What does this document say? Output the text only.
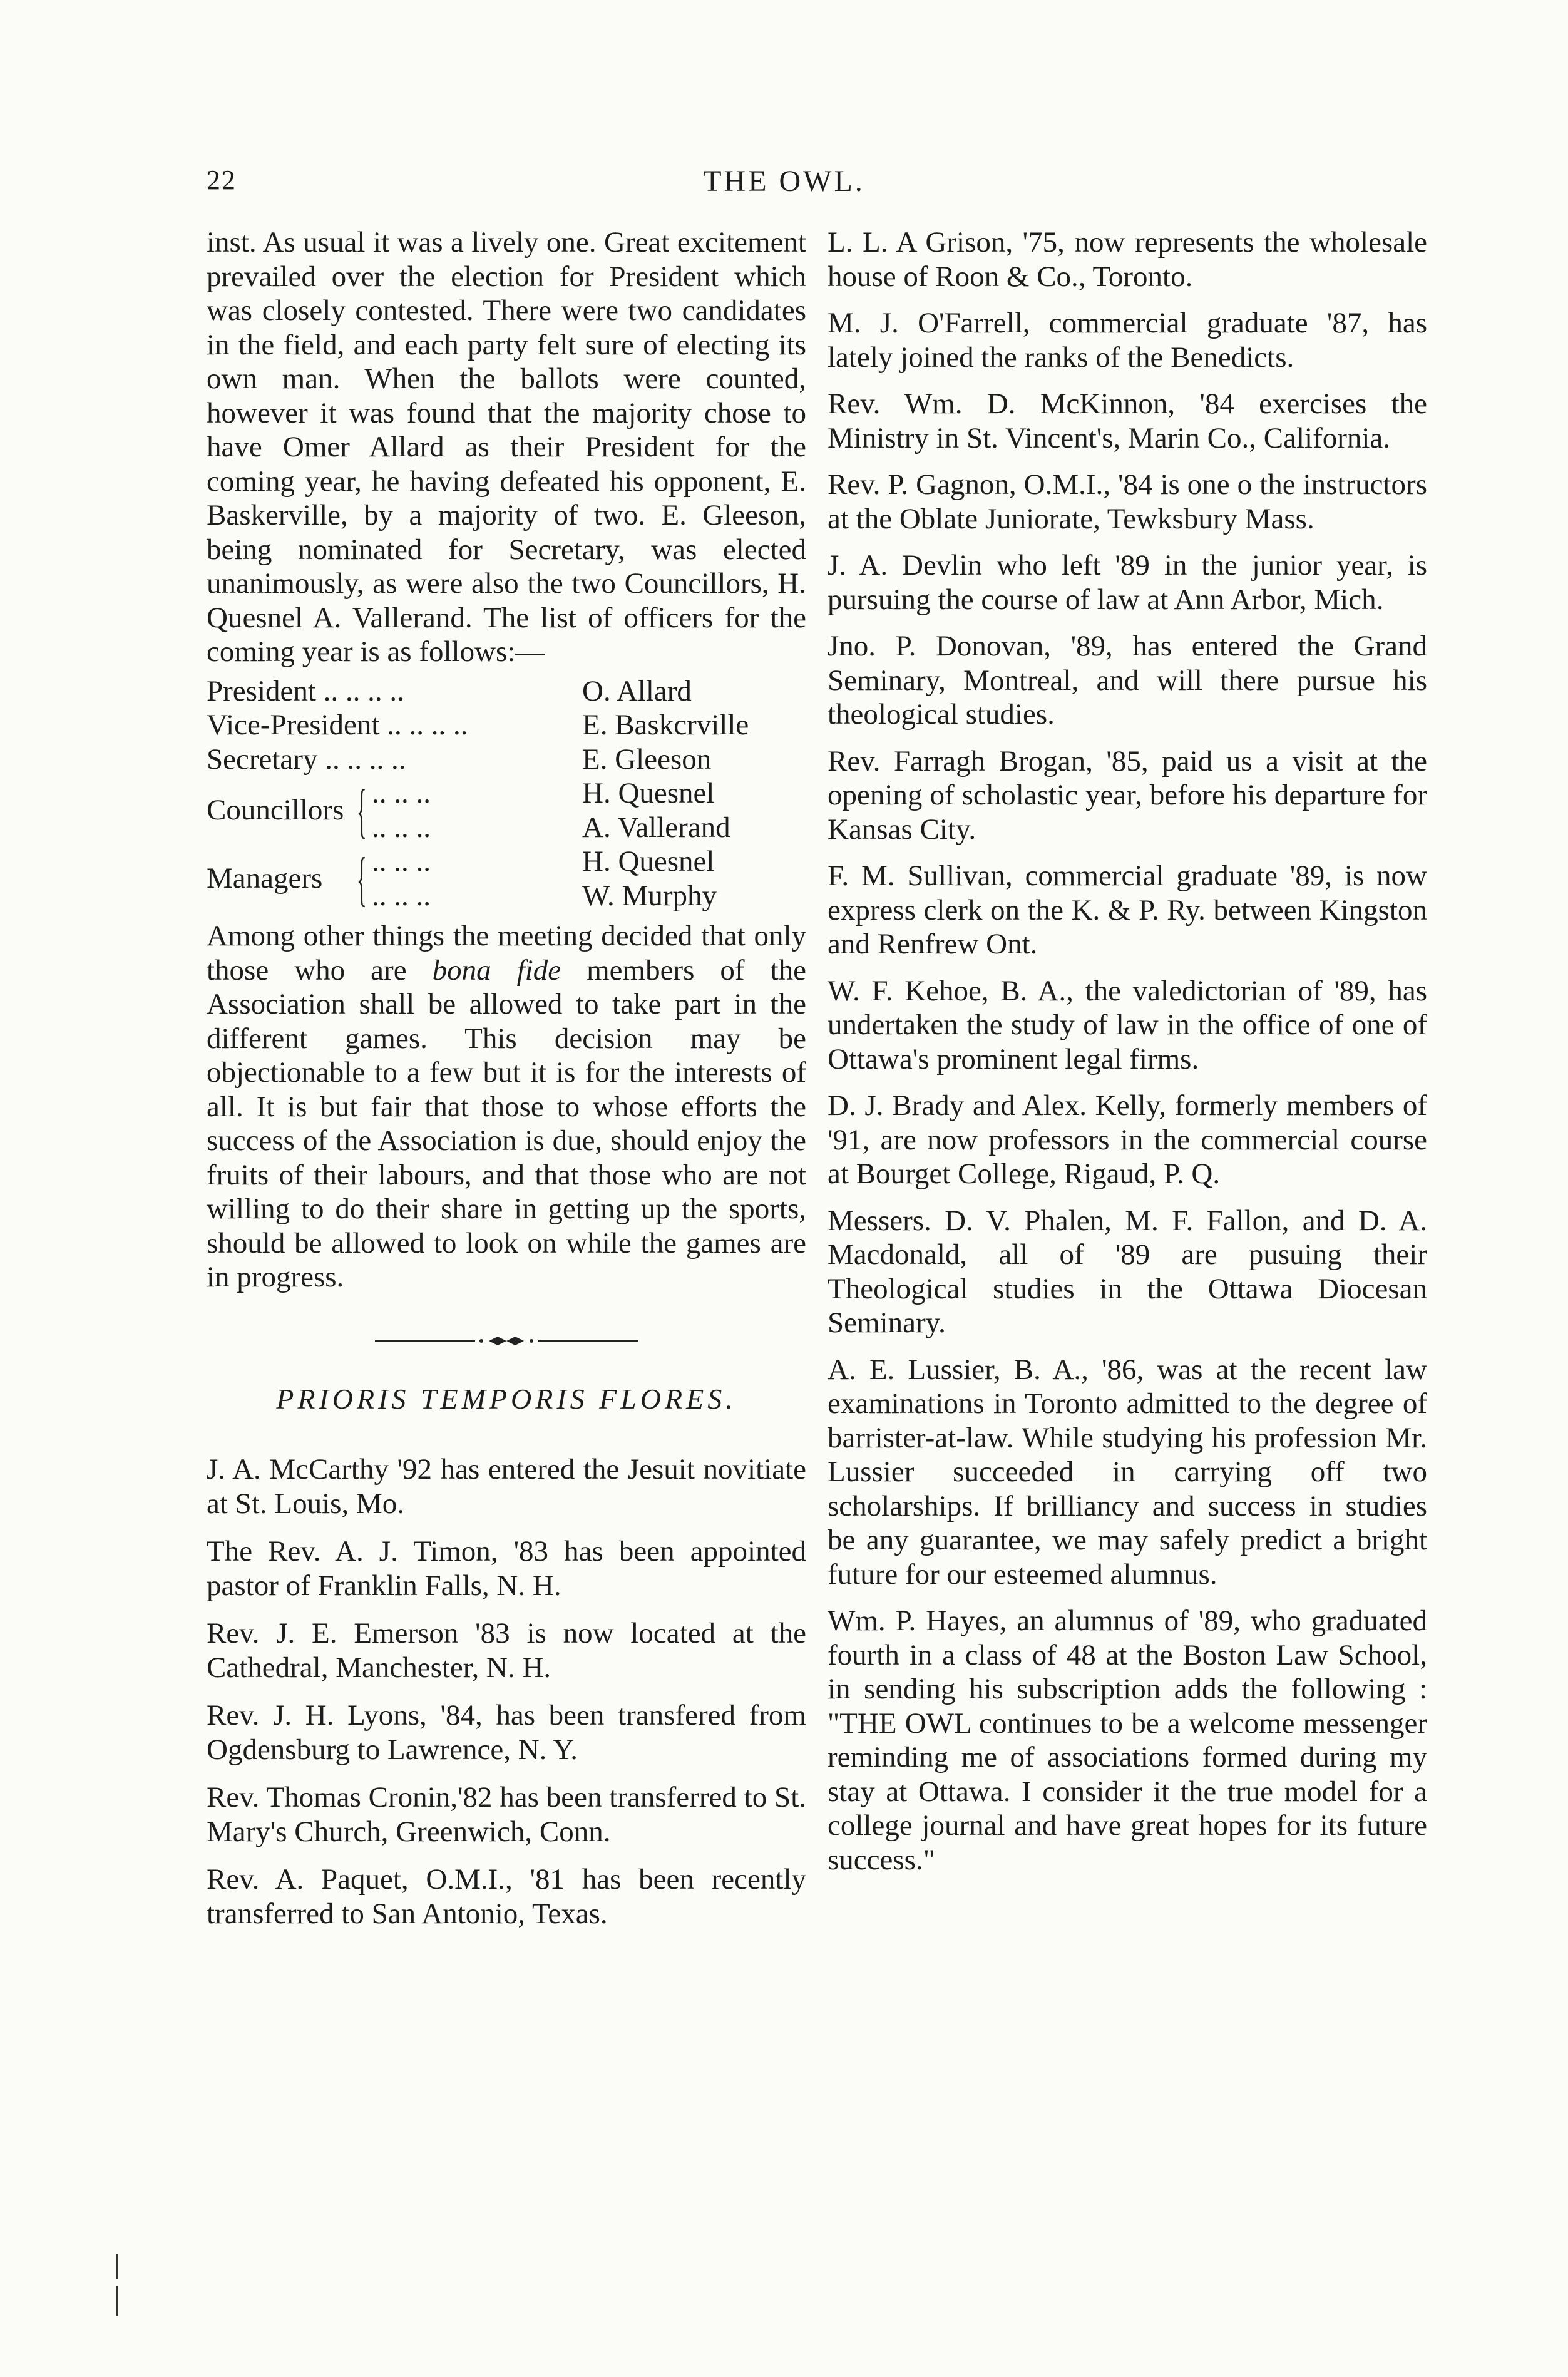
22	THE OWL.

inst. As usual it was a lively one. Great excitement prevailed over the election for President which was closely contested. There were two candidates in the field, and each party felt sure of electing its own man. When the ballots were counted, however it was found that the majority chose to have Omer Allard as their President for the coming year, he having defeated his opponent, E. Baskerville, by a majority of two. E. Gleeson, being nominated for Secretary, was elected unanimously, as were also the two Councillors, H. Quesnel A. Vallerand. The list of officers for the coming year is as follows:—

President .. .. .. ..	O. Allard
Vice-President .. .. .. ..	E. Baskcrville
Secretary .. .. .. ..	E. Gleeson
Councillors { .. .. ..	H. Quesnel
.. .. ..	A. Vallerand
Managers { .. .. ..	H. Quesnel
.. .. ..	W. Murphy

Among other things the meeting decided that only those who are bona fide members of the Association shall be allowed to take part in the different games. This decision may be objectionable to a few but it is for the interests of all. It is but fair that those to whose efforts the success of the Association is due, should enjoy the fruits of their labours, and that those who are not willing to do their share in getting up the sports, should be allowed to look on while the games are in progress.

PRIORIS TEMPORIS FLORES.

J. A. McCarthy '92 has entered the Jesuit novitiate at St. Louis, Mo.

The Rev. A. J. Timon, '83 has been appointed pastor of Franklin Falls, N. H.

Rev. J. E. Emerson '83 is now located at the Cathedral, Manchester, N. H.

Rev. J. H. Lyons, '84, has been transfered from Ogdensburg to Lawrence, N. Y.

Rev. Thomas Cronin,'82 has been transferred to St. Mary's Church, Greenwich, Conn.

Rev. A. Paquet, O.M.I., '81 has been recently transferred to San Antonio, Texas.

L. L. A Grison, '75, now represents the wholesale house of Roon & Co., Toronto.

M. J. O'Farrell, commercial graduate '87, has lately joined the ranks of the Benedicts.

Rev. Wm. D. McKinnon, '84 exercises the Ministry in St. Vincent's, Marin Co., California.

Rev. P. Gagnon, O.M.I., '84 is one o the instructors at the Oblate Juniorate, Tewksbury Mass.

J. A. Devlin who left '89 in the junior year, is pursuing the course of law at Ann Arbor, Mich.

Jno. P. Donovan, '89, has entered the Grand Seminary, Montreal, and will there pursue his theological studies.

Rev. Farragh Brogan, '85, paid us a visit at the opening of scholastic year, before his departure for Kansas City.

F. M. Sullivan, commercial graduate '89, is now express clerk on the K. & P. Ry. between Kingston and Renfrew Ont.

W. F. Kehoe, B. A., the valedictorian of '89, has undertaken the study of law in the office of one of Ottawa's prominent legal firms.

D. J. Brady and Alex. Kelly, formerly members of '91, are now professors in the commercial course at Bourget College, Rigaud, P. Q.

Messers. D. V. Phalen, M. F. Fallon, and D. A. Macdonald, all of '89 are pusuing their Theological studies in the Ottawa Diocesan Seminary.

A. E. Lussier, B. A., '86, was at the recent law examinations in Toronto admitted to the degree of barrister-at-law. While studying his profession Mr. Lussier succeeded in carrying off two scholarships. If brilliancy and success in studies be any guarantee, we may safely predict a bright future for our esteemed alumnus.

Wm. P. Hayes, an alumnus of '89, who graduated fourth in a class of 48 at the Boston Law School, in sending his subscription adds the following : "THE OWL continues to be a welcome messenger reminding me of associations formed during my stay at Ottawa. I consider it the true model for a college journal and have great hopes for its future success."
